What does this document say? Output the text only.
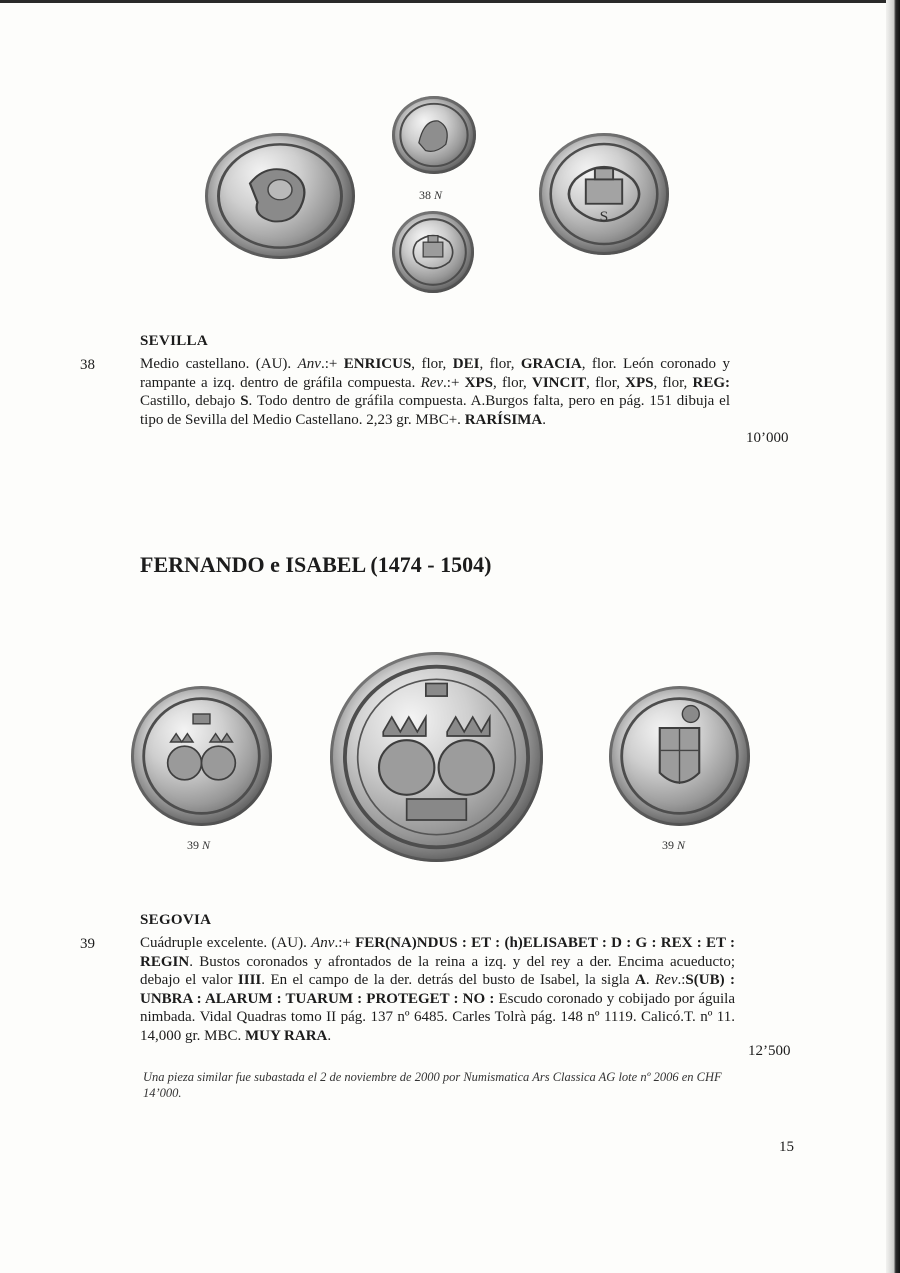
38 N
S
SEVILLA
38	Medio castellano. (AU). Anv.:+ ENRICUS, flor, DEI, flor, GRACIA, flor. León coronado y rampante a izq. dentro de gráfila compuesta. Rev.:+ XPS, flor, VINCIT, flor, XPS, flor, REG: Castillo, debajo S. Todo dentro de gráfila compuesta. A.Burgos falta, pero en pág. 151 dibuja el tipo de Sevilla del Medio Castellano. 2,23 gr. MBC+. RARÍSIMA.
10’000
FERNANDO e ISABEL (1474 - 1504)
39 N	39 N
SEGOVIA
39	Cuádruple excelente. (AU). Anv.:+ FER(NA)NDUS : ET : (h)ELISABET : D : G : REX : ET : REGIN. Bustos coronados y afrontados de la reina a izq. y del rey a der. Encima acueducto; debajo el valor IIII. En el campo de la der. detrás del busto de Isabel, la sigla A. Rev.:S(UB) : UNBRA : ALARUM : TUARUM : PROTEGET : NO : Escudo coronado y cobijado por águila nimbada. Vidal Quadras tomo II pág. 137 nº 6485. Carles Tolrà pág. 148 nº 1119. Calicó.T. nº 11. 14,000 gr. MBC. MUY RARA.
12’500
Una pieza similar fue subastada el 2 de noviembre de 2000 por Numismatica Ars Classica AG lote nº 2006 en CHF 14’000.
15
